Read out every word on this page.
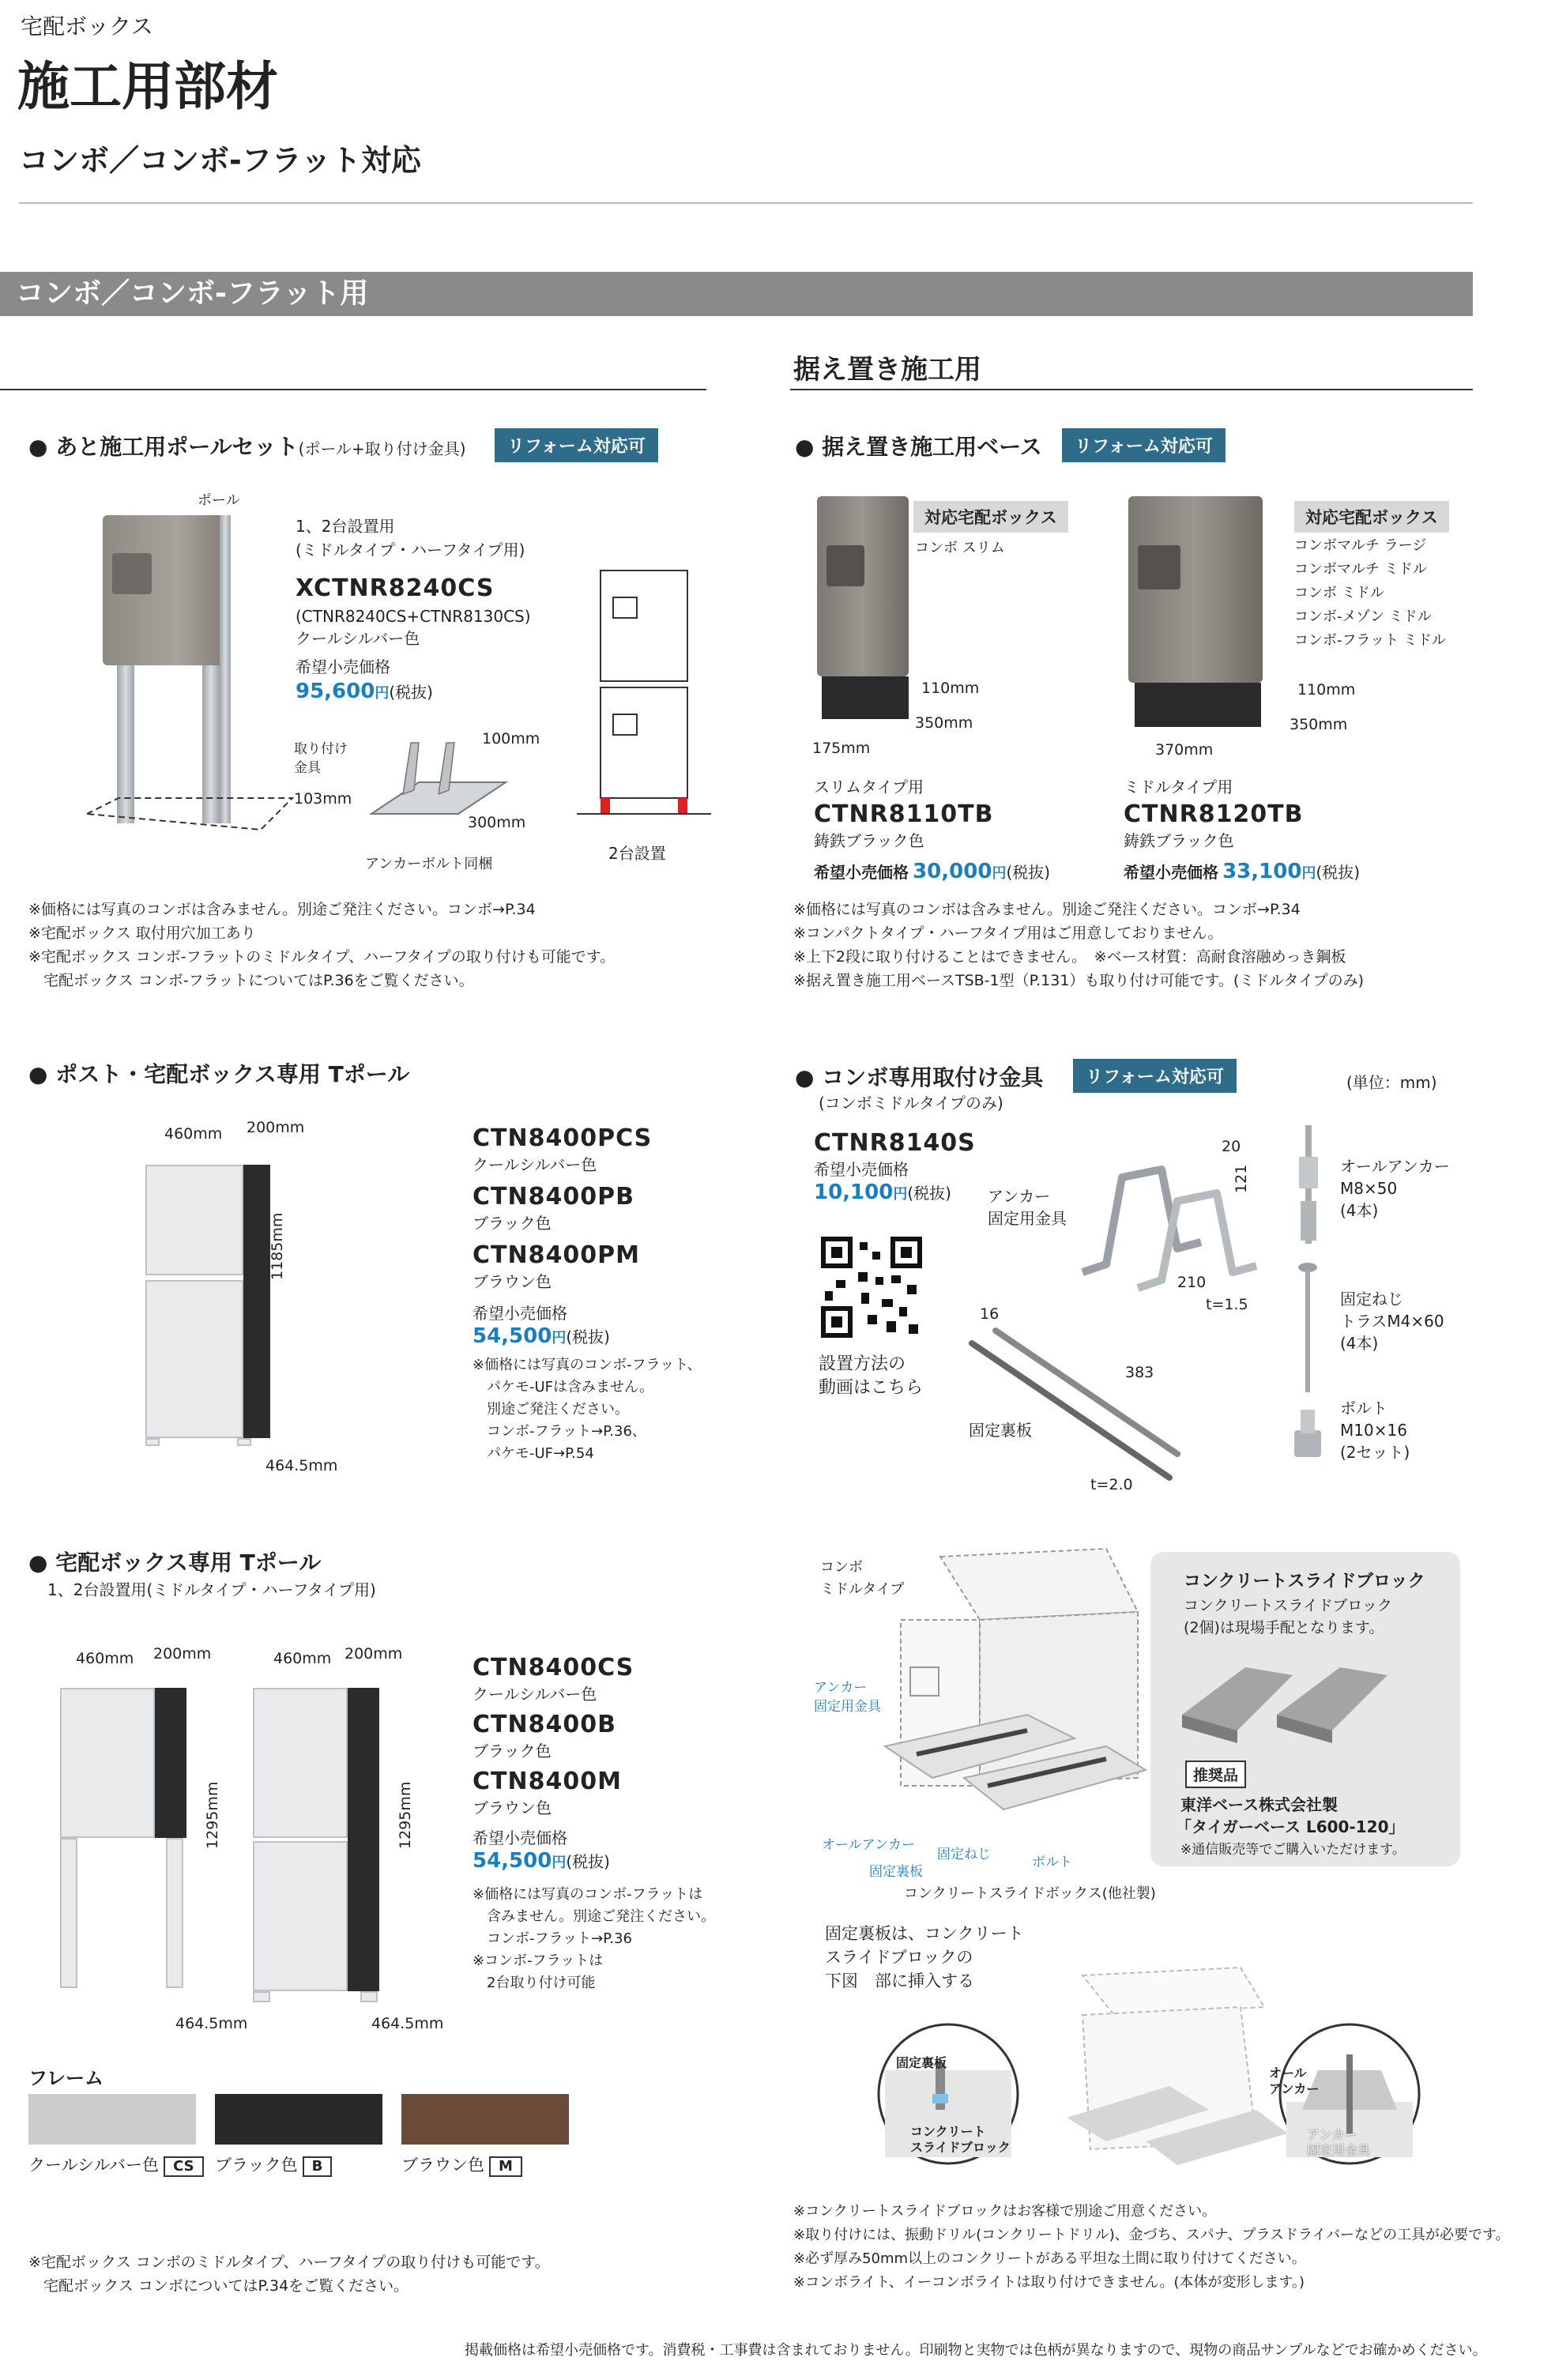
宅配ボックス
施工用部材
コンボ／コンボ-フラット対応
コンボ／コンボ-フラット用
据え置き施工用
● あと施工用ポールセット(ポール+取り付け金具)	リフォーム対応可
ポール
1、2台設置用
(ミドルタイプ・ハーフタイプ用)
XCTNR8240CS
(CTNR8240CS+CTNR8130CS)
クールシルバー色
希望小売価格
95,600円(税抜)
取り付け
金具
100mm
103mm
300mm
アンカーボルト同梱
2台設置
※価格には写真のコンボは含みません。別途ご発注ください。コンボ→P.34
※宅配ボックス 取付用穴加工あり
※宅配ボックス コンボ-フラットのミドルタイプ、ハーフタイプの取り付けも可能です。
　宅配ボックス コンボ-フラットについてはP.36をご覧ください。
● 据え置き施工用ベース	リフォーム対応可
対応宅配ボックス
コンボ スリム
110mm
350mm
175mm
スリムタイプ用
CTNR8110TB
鋳鉄ブラック色
希望小売価格 30,000円(税抜)
対応宅配ボックス
コンボマルチ ラージ
コンボマルチ ミドル
コンボ ミドル
コンボ-メゾン ミドル
コンボ-フラット ミドル
110mm
350mm
370mm
ミドルタイプ用
CTNR8120TB
鋳鉄ブラック色
希望小売価格 33,100円(税抜)
※価格には写真のコンボは含みません。別途ご発注ください。コンボ→P.34
※コンパクトタイプ・ハーフタイプ用はご用意しておりません。
※上下2段に取り付けることはできません。　※ベース材質：高耐食溶融めっき鋼板
※据え置き施工用ベースTSB-1型（P.131）も取り付け可能です。(ミドルタイプのみ)
● ポスト・宅配ボックス専用 Tポール
460mm 200mm
1185mm
464.5mm
CTN8400PCS
クールシルバー色
CTN8400PB
ブラック色
CTN8400PM
ブラウン色
希望小売価格
54,500円(税抜)
※価格には写真のコンボ-フラット、
　パケモ-UFは含みません。
　別途ご発注ください。
　コンボ-フラット→P.36、
　パケモ-UF→P.54
● コンボ専用取付け金具	リフォーム対応可
(コンボミドルタイプのみ)
(単位：mm)
CTNR8140S
希望小売価格
10,100円(税抜)
設置方法の
動画はこちら
アンカー
固定用金具
20
121
210
t=1.5
16
383
固定裏板
t=2.0
オールアンカー
M8×50
(4本)
固定ねじ
トラスM4×60
(4本)
ボルト
M10×16
(2セット)
● 宅配ボックス専用 Tポール
1、2台設置用(ミドルタイプ・ハーフタイプ用)
460mm 200mm
1295mm
464.5mm
460mm 200mm
1295mm
464.5mm
CTN8400CS
クールシルバー色
CTN8400B
ブラック色
CTN8400M
ブラウン色
希望小売価格
54,500円(税抜)
※価格には写真のコンボ-フラットは
　含みません。別途ご発注ください。
　コンボ-フラット→P.36
※コンボ-フラットは
　2台取り付け可能
フレーム
クールシルバー色 CS	ブラック色 B	ブラウン色 M
※宅配ボックス コンボのミドルタイプ、ハーフタイプの取り付けも可能です。
　宅配ボックス コンボについてはP.34をご覧ください。
コンボ
ミドルタイプ
アンカー
固定用金具
オールアンカー
固定ねじ
固定裏板
ボルト
コンクリートスライドボックス(他社製)
コンクリートスライドブロック
コンクリートスライドブロック
(2個)は現場手配となります。
推奨品
東洋ベース株式会社製
「タイガーベース L600-120」
※通信販売等でご購入いただけます。
固定裏板は、コンクリート
スライドブロックの
下図　部に挿入する
固定裏板
コンクリート
スライドブロック
オール
アンカー
アンカー
固定用金具
※コンクリートスライドブロックはお客様で別途ご用意ください。
※取り付けには、振動ドリル(コンクリートドリル)、金づち、スパナ、プラスドライバーなどの工具が必要です。
※必ず厚み50mm以上のコンクリートがある平坦な土間に取り付けてください。
※コンボライト、イーコンボライトは取り付けできません。(本体が変形します。)
掲載価格は希望小売価格です。消費税・工事費は含まれておりません。印刷物と実物では色柄が異なりますので、現物の商品サンプルなどでお確かめください。
